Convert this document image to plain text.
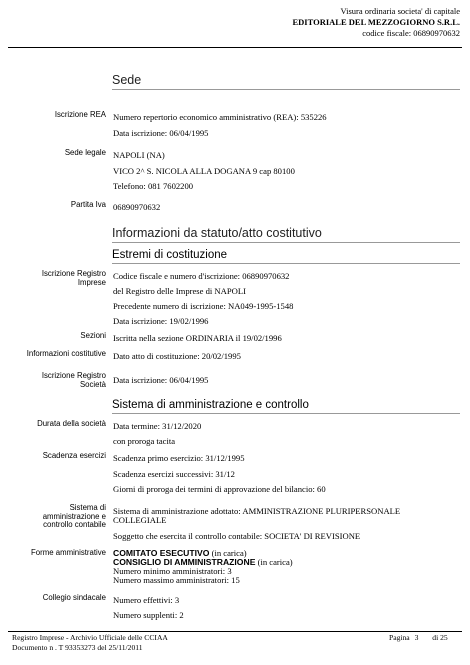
Visura ordinaria societa' di capitale
EDITORIALE DEL MEZZOGIORNO S.R.L.
codice fiscale: 06890970632
Sede
Iscrizione REA Numero repertorio economico amministrativo (REA): 535226
Data iscrizione: 06/04/1995
Sede legale NAPOLI (NA)
VICO 2^ S. NICOLA ALLA DOGANA 9 cap 80100
Telefono: 081 7602200
Partita Iva 06890970632
Informazioni da statuto/atto costitutivo
Estremi di costituzione
Iscrizione Registro
Imprese
Codice fiscale e numero d'iscrizione: 06890970632
del Registro delle Imprese di NAPOLI
Precedente numero di iscrizione: NA049-1995-1548
Data iscrizione: 19/02/1996
Sezioni Iscritta nella sezione ORDINARIA il 19/02/1996
Informazioni costitutive Dato atto di costituzione: 20/02/1995
Iscrizione Registro
Società Data iscrizione: 06/04/1995
Sistema di amministrazione e controllo
Durata della società Data termine: 31/12/2020
con proroga tacita
Scadenza esercizi Scadenza primo esercizio: 31/12/1995
Scadenza esercizi successivi: 31/12
Giorni di proroga dei termini di approvazione del bilancio: 60
Sistema di
amministrazione e
controllo contabile
Sistema di amministrazione adottato: AMMINISTRAZIONE PLURIPERSONALE
COLLEGIALE
Soggetto che esercita il controllo contabile: SOCIETA' DI REVISIONE
Forme amministrative COMITATO ESECUTIVO (in carica)
CONSIGLIO DI AMMINISTRAZIONE (in carica)
Numero minimo amministratori: 3
Numero massimo amministratori: 15
Collegio sindacale Numero effettivi: 3
Numero supplenti: 2
Registro Imprese - Archivio Ufficiale delle CCIAA
Documento n . T 93353273 del 25/11/2011
Pagina 3 di 25
